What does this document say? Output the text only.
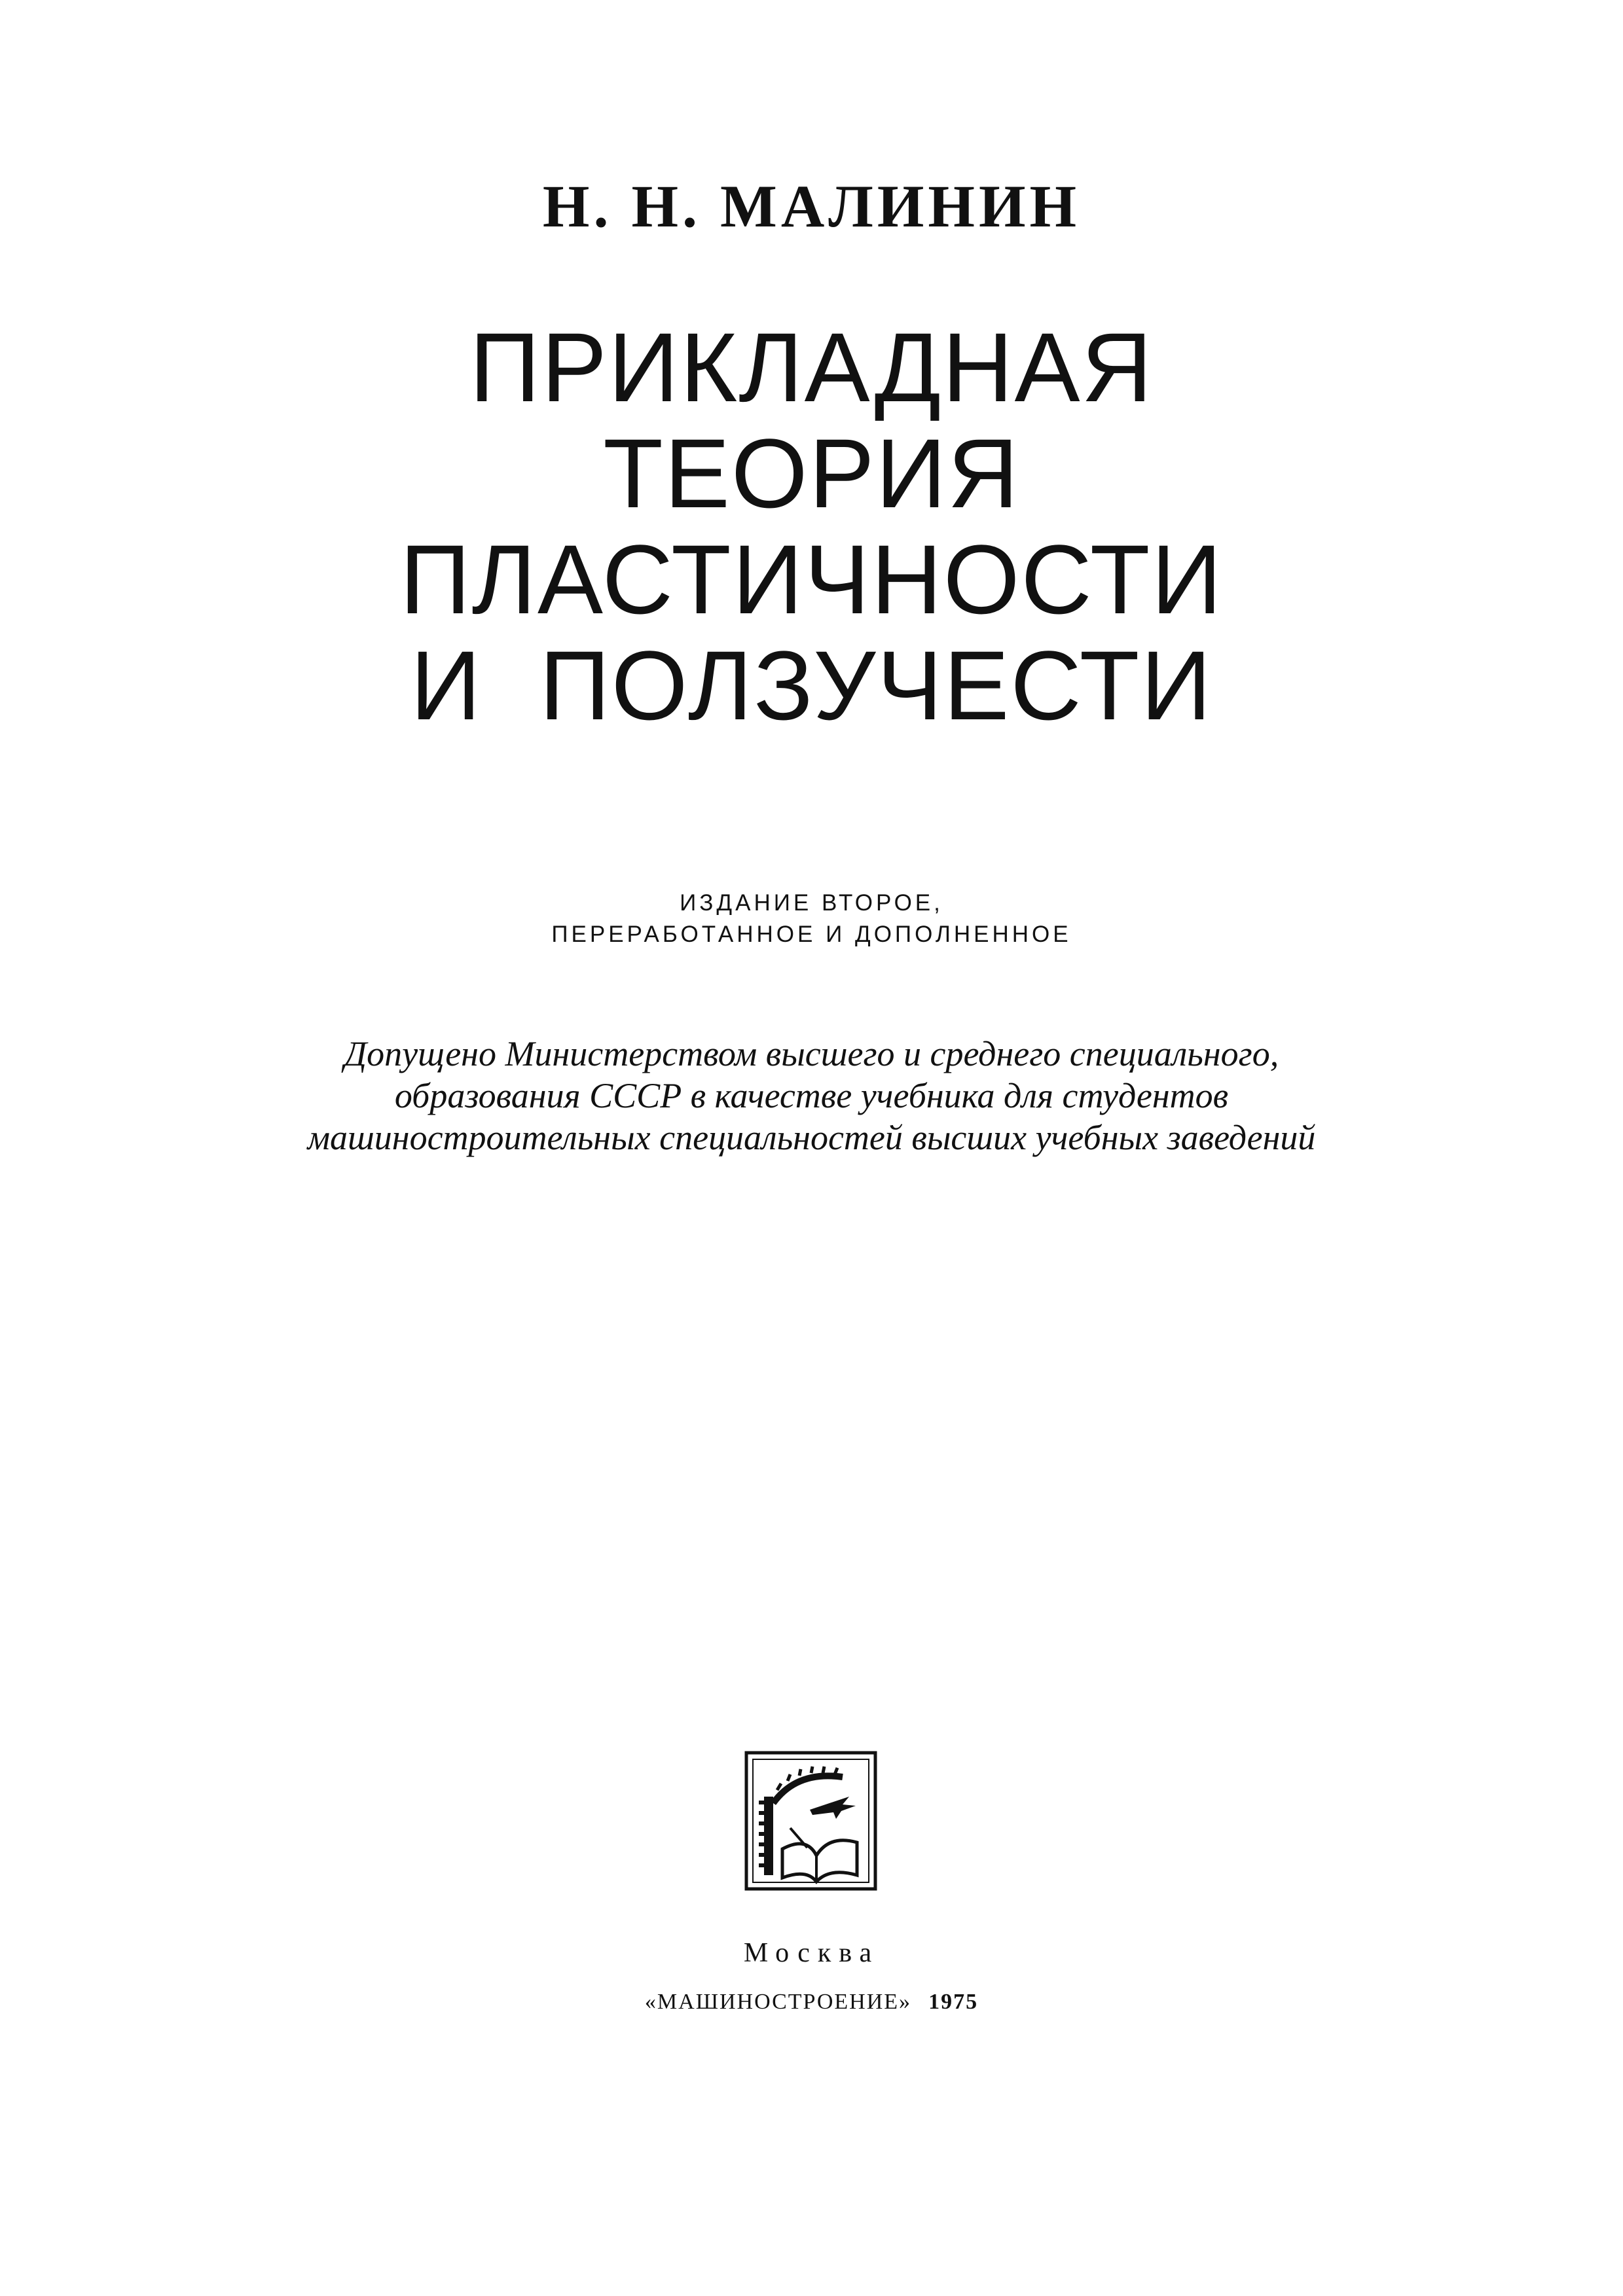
Н. Н. МАЛИНИН
ПРИКЛАДНАЯ
ТЕОРИЯ
ПЛАСТИЧНОСТИ
И  ПОЛЗУЧЕСТИ
ИЗДАНИЕ ВТОРОЕ,
ПЕРЕРАБОТАННОЕ И ДОПОЛНЕННОЕ
Допущено Министерством высшего и среднего специального,
образования СССР в качестве учебника для студентов
машиностроительных специальностей высших учебных заведений
Москва
«МАШИНОСТРОЕНИЕ» 1975
